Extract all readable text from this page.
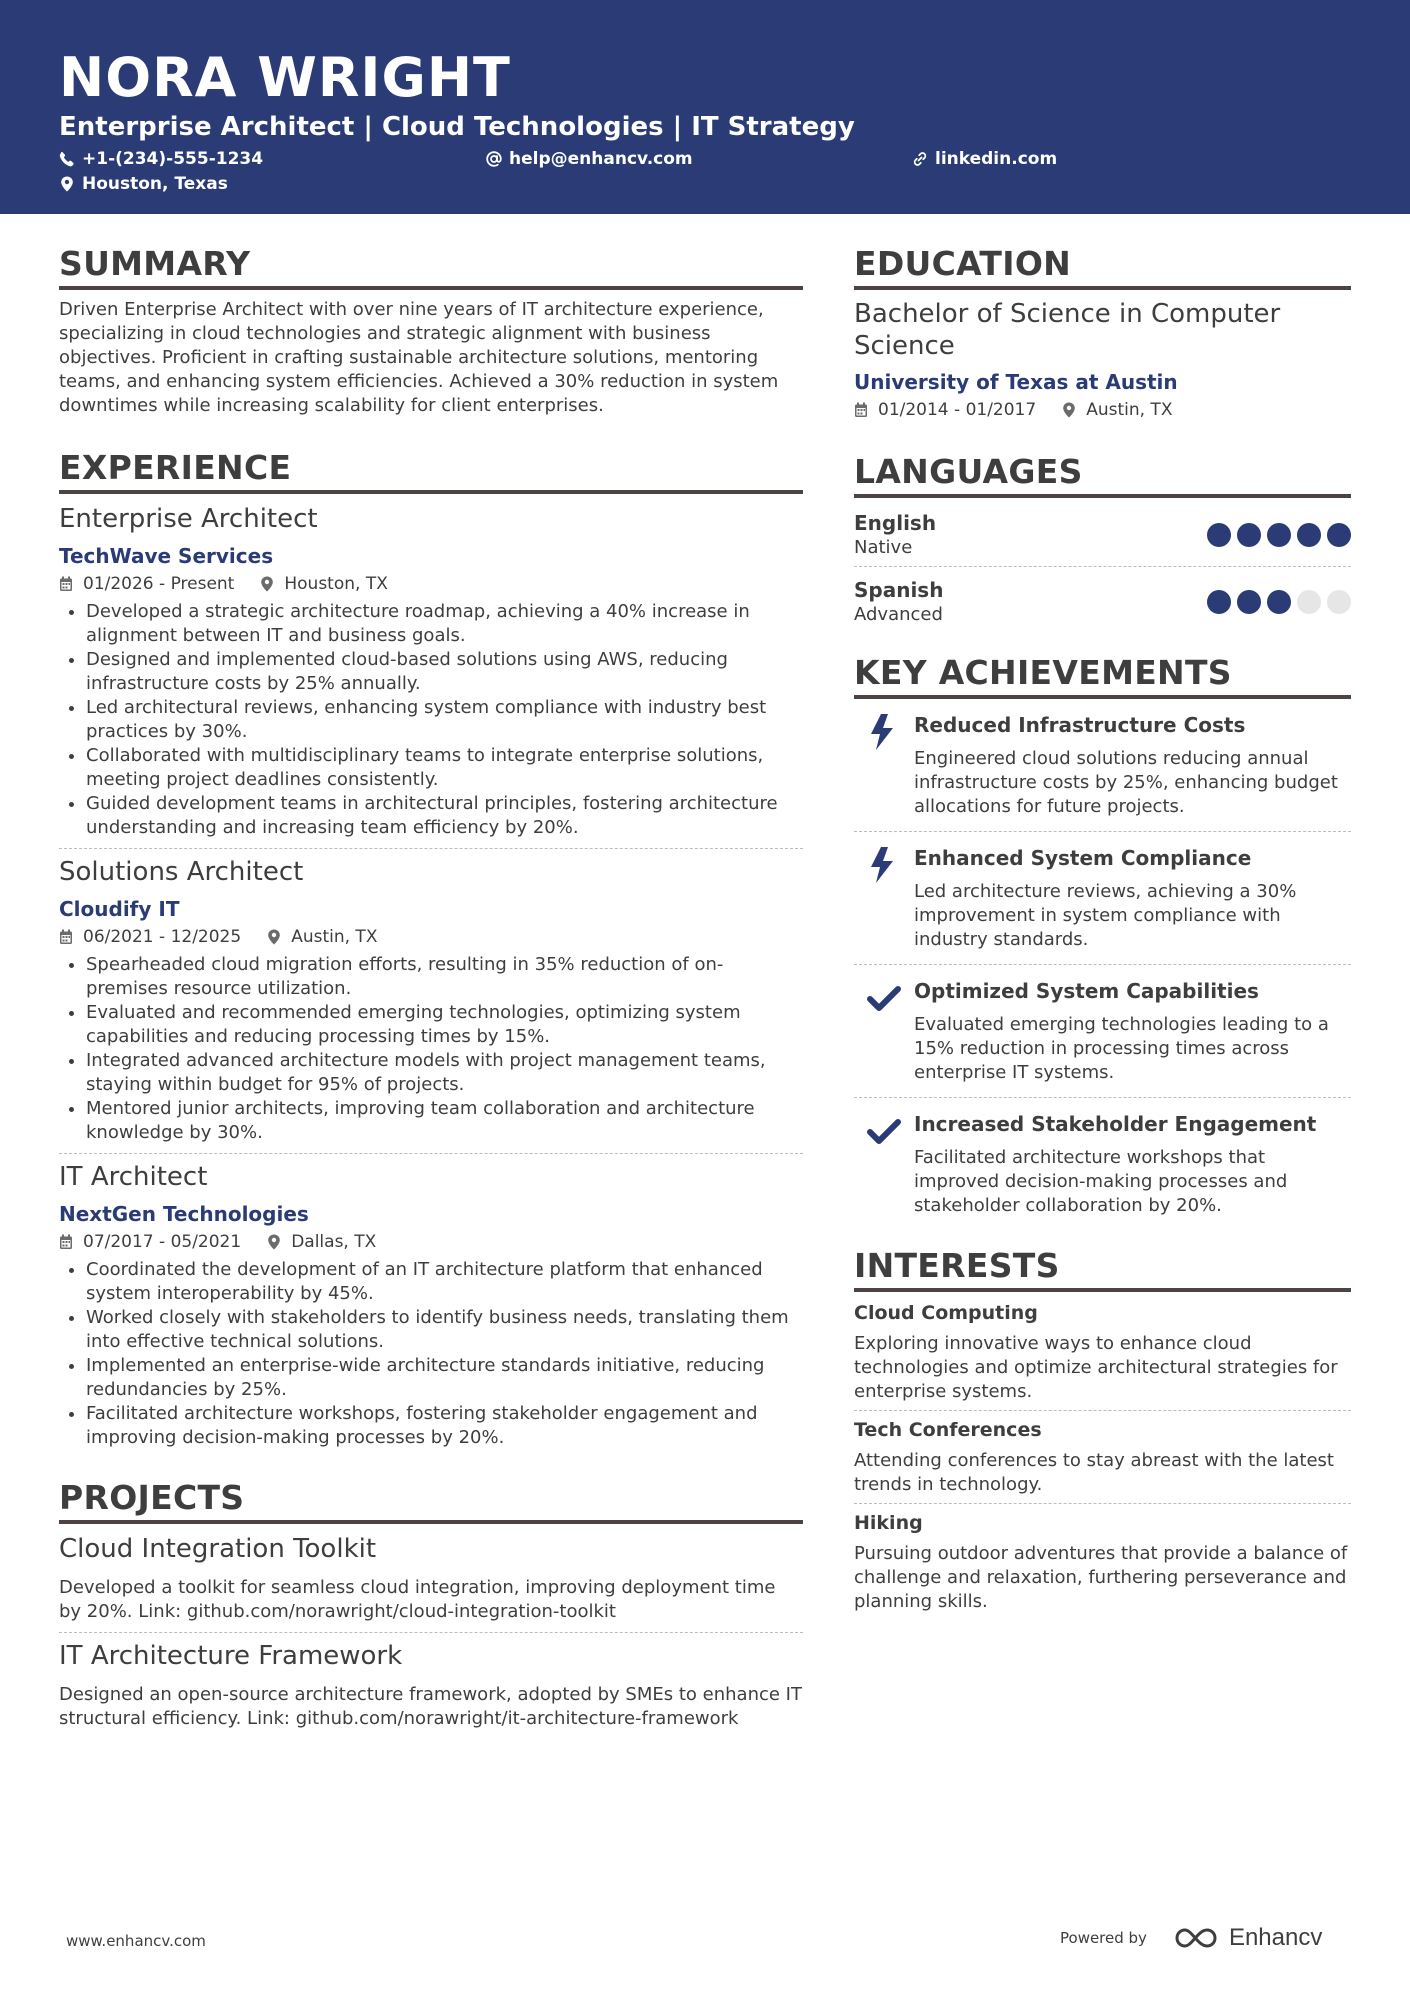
NORA WRIGHT
Enterprise Architect | Cloud Technologies | IT Strategy
+1-(234)-555-1234	help@enhancv.com	linkedin.com
Houston, Texas
SUMMARY

Driven Enterprise Architect with over nine years of IT architecture experience, specializing in cloud technologies and strategic alignment with business objectives. Proficient in crafting sustainable architecture solutions, mentoring teams, and enhancing system efficiencies. Achieved a 30% reduction in system downtimes while increasing scalability for client enterprises.

EXPERIENCE
Enterprise Architect
TechWave Services
01/2026 - Present	Houston, TX
• Developed a strategic architecture roadmap, achieving a 40% increase in alignment between IT and business goals.
• Designed and implemented cloud-based solutions using AWS, reducing infrastructure costs by 25% annually.
• Led architectural reviews, enhancing system compliance with industry best practices by 30%.
• Collaborated with multidisciplinary teams to integrate enterprise solutions, meeting project deadlines consistently.
• Guided development teams in architectural principles, fostering architecture understanding and increasing team efficiency by 20%.
Solutions Architect
Cloudify IT
06/2021 - 12/2025	Austin, TX
• Spearheaded cloud migration efforts, resulting in 35% reduction of on-premises resource utilization.
• Evaluated and recommended emerging technologies, optimizing system capabilities and reducing processing times by 15%.
• Integrated advanced architecture models with project management teams, staying within budget for 95% of projects.
• Mentored junior architects, improving team collaboration and architecture knowledge by 30%.
IT Architect
NextGen Technologies
07/2017 - 05/2021	Dallas, TX
• Coordinated the development of an IT architecture platform that enhanced system interoperability by 45%.
• Worked closely with stakeholders to identify business needs, translating them into effective technical solutions.
• Implemented an enterprise-wide architecture standards initiative, reducing redundancies by 25%.
• Facilitated architecture workshops, fostering stakeholder engagement and improving decision-making processes by 20%.
PROJECTS
Cloud Integration Toolkit

Developed a toolkit for seamless cloud integration, improving deployment time by 20%. Link: github.com/norawright/cloud-integration-toolkit

IT Architecture Framework

Designed an open-source architecture framework, adopted by SMEs to enhance IT structural efficiency. Link: github.com/norawright/it-architecture-framework

EDUCATION
Bachelor of Science in Computer Science
University of Texas at Austin
01/2014 - 01/2017	Austin, TX
LANGUAGES
English
Native
Spanish
Advanced
KEY ACHIEVEMENTS
Reduced Infrastructure Costs
Engineered cloud solutions reducing annual infrastructure costs by 25%, enhancing budget allocations for future projects.
Enhanced System Compliance
Led architecture reviews, achieving a 30% improvement in system compliance with industry standards.
Optimized System Capabilities
Evaluated emerging technologies leading to a 15% reduction in processing times across enterprise IT systems.
Increased Stakeholder Engagement
Facilitated architecture workshops that improved decision-making processes and stakeholder collaboration by 20%.
INTERESTS
Cloud Computing
Exploring innovative ways to enhance cloud technologies and optimize architectural strategies for enterprise systems.
Tech Conferences
Attending conferences to stay abreast with the latest trends in technology.
Hiking
Pursuing outdoor adventures that provide a balance of challenge and relaxation, furthering perseverance and planning skills.
www.enhancv.com	Powered by	Enhancv
